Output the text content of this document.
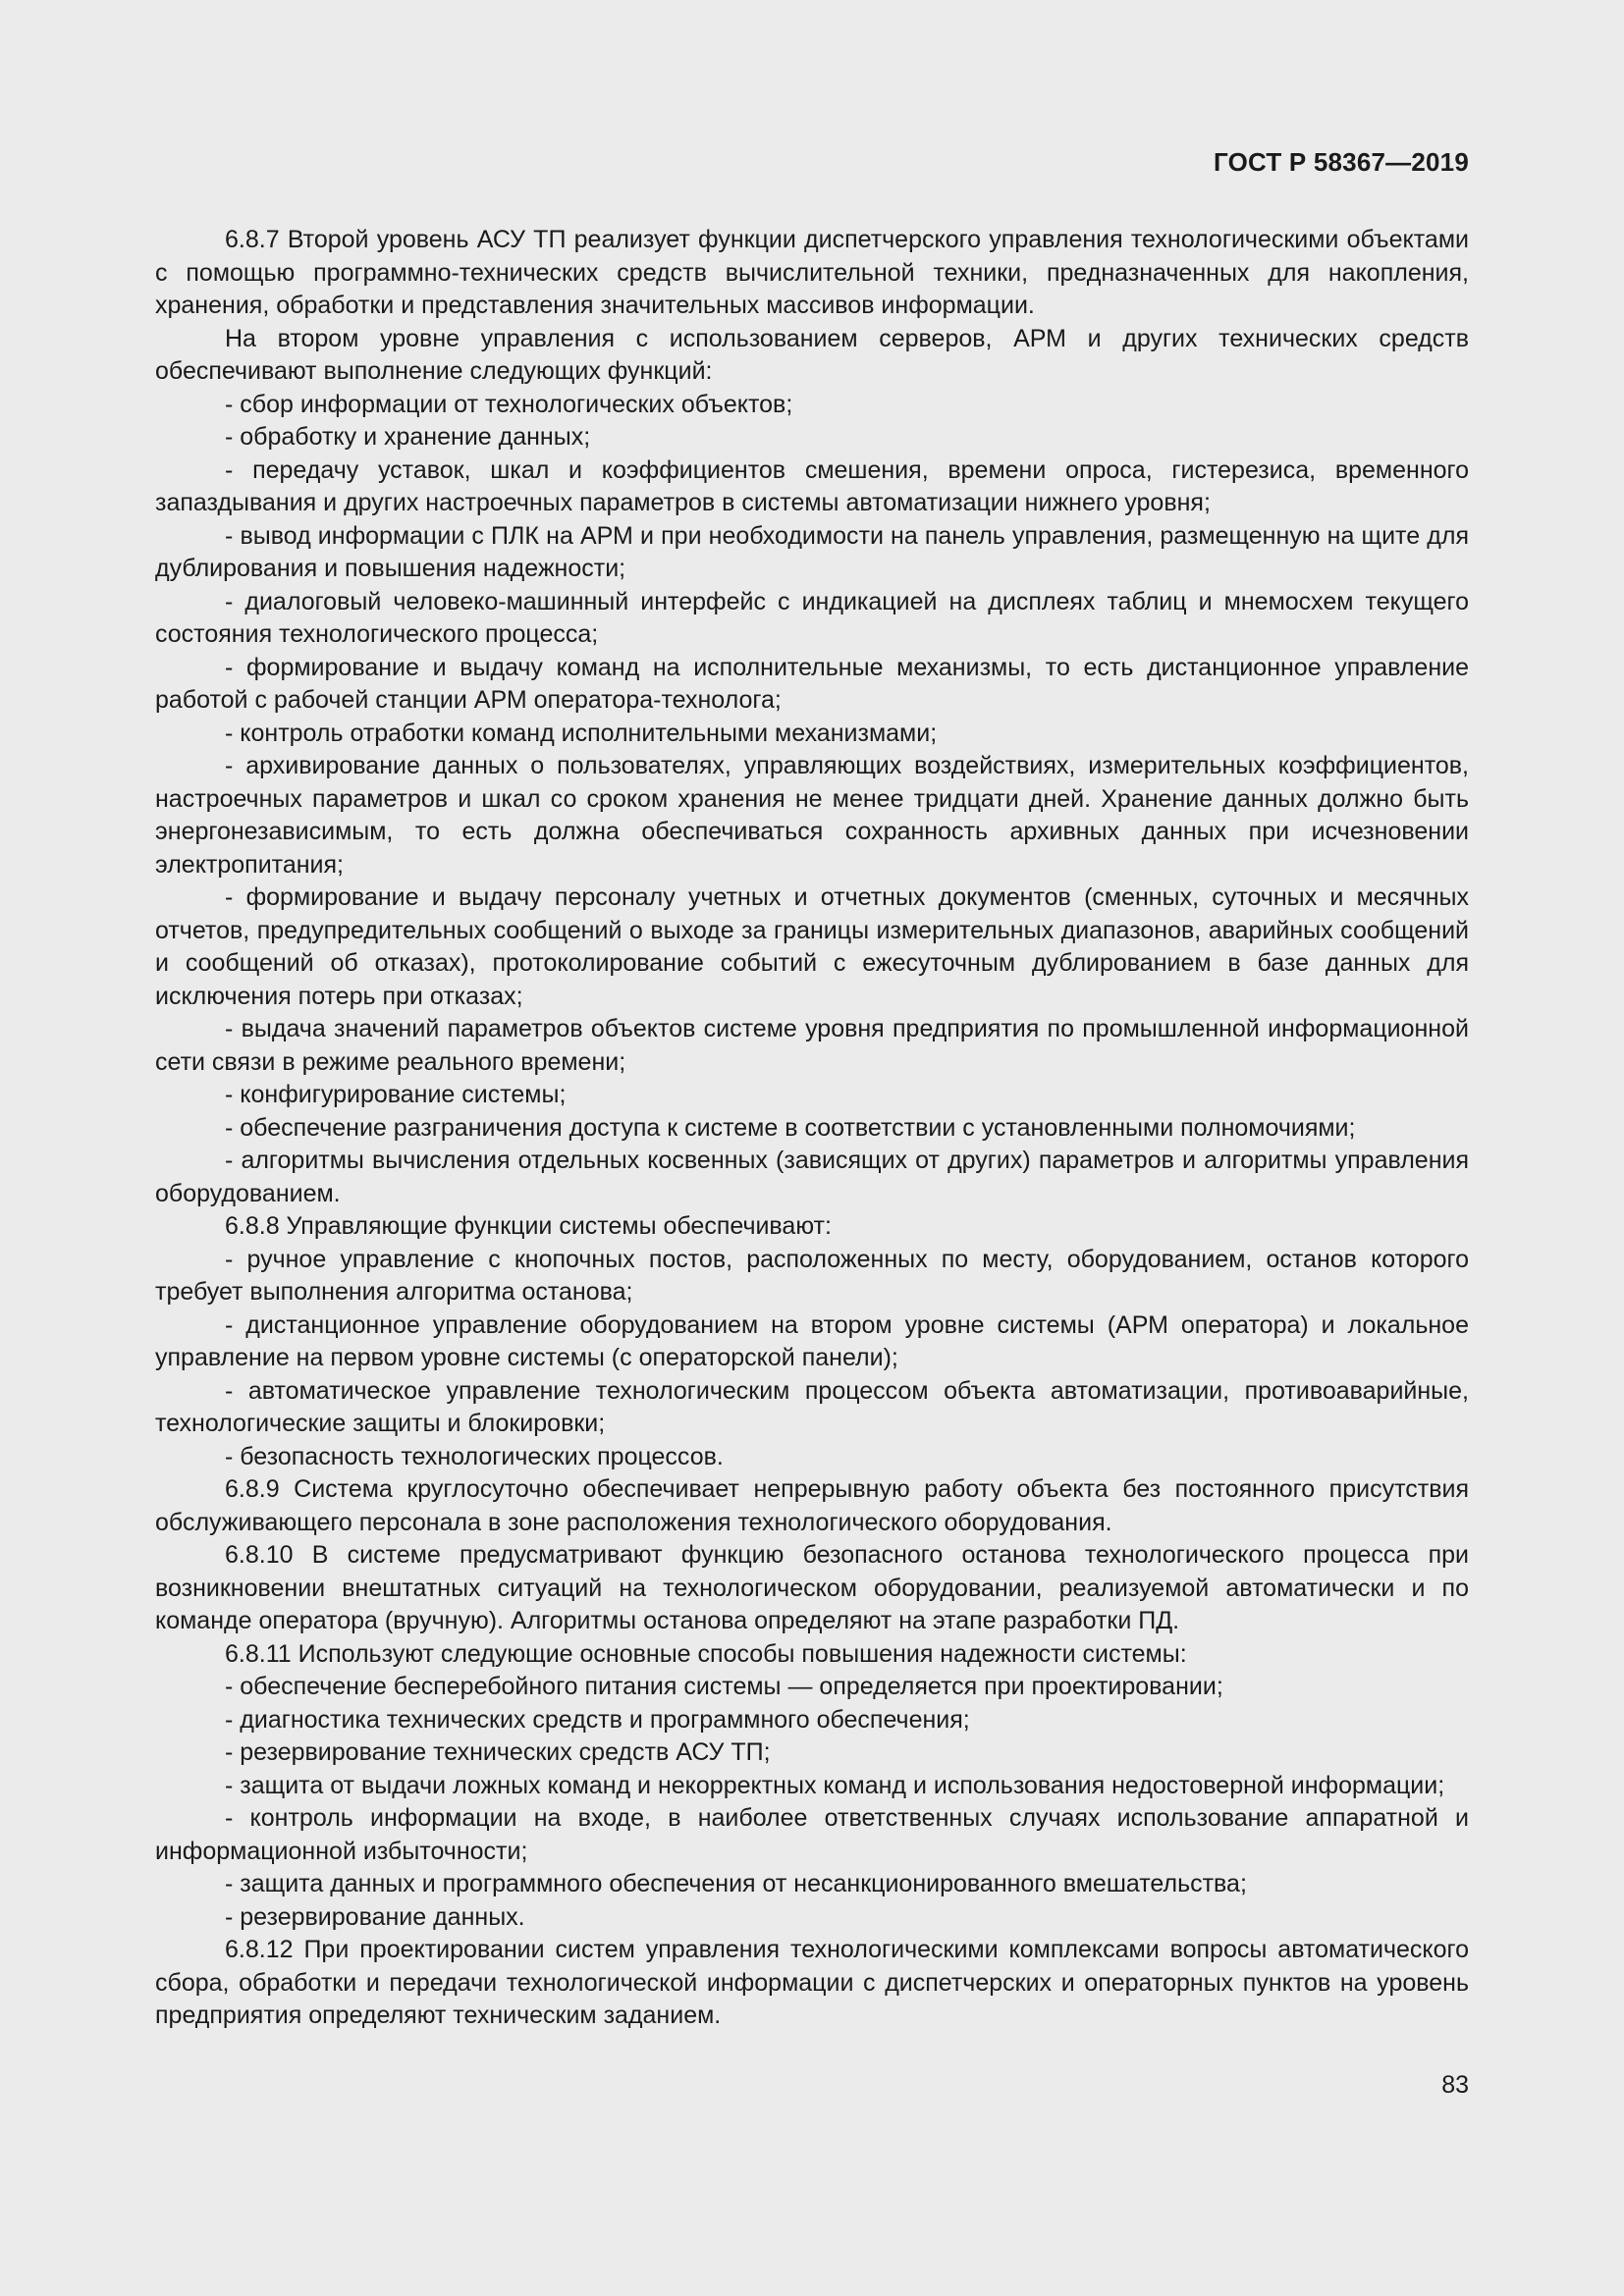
ГОСТ Р 58367—2019

6.8.7 Второй уровень АСУ ТП реализует функции диспетчерского управления технологическими объектами с помощью программно-технических средств вычислительной техники, предназначенных для накопления, хранения, обработки и представления значительных массивов информации.

На втором уровне управления с использованием серверов, АРМ и других технических средств обеспечивают выполнение следующих функций:

- сбор информации от технологических объектов;

- обработку и хранение данных;

- передачу уставок, шкал и коэффициентов смешения, времени опроса, гистерезиса, временного запаздывания и других настроечных параметров в системы автоматизации нижнего уровня;

- вывод информации с ПЛК на АРМ и при необходимости на панель управления, размещенную на щите для дублирования и повышения надежности;

- диалоговый человеко-машинный интерфейс с индикацией на дисплеях таблиц и мнемосхем текущего состояния технологического процесса;

- формирование и выдачу команд на исполнительные механизмы, то есть дистанционное управление работой с рабочей станции АРМ оператора-технолога;

- контроль отработки команд исполнительными механизмами;

- архивирование данных о пользователях, управляющих воздействиях, измерительных коэффициентов, настроечных параметров и шкал со сроком хранения не менее тридцати дней. Хранение данных должно быть энергонезависимым, то есть должна обеспечиваться сохранность архивных данных при исчезновении электропитания;

- формирование и выдачу персоналу учетных и отчетных документов (сменных, суточных и месячных отчетов, предупредительных сообщений о выходе за границы измерительных диапазонов, аварийных сообщений и сообщений об отказах), протоколирование событий с ежесуточным дублированием в базе данных для исключения потерь при отказах;

- выдача значений параметров объектов системе уровня предприятия по промышленной информационной сети связи в режиме реального времени;

- конфигурирование системы;

- обеспечение разграничения доступа к системе в соответствии с установленными полномочиями;

- алгоритмы вычисления отдельных косвенных (зависящих от других) параметров и алгоритмы управления оборудованием.

6.8.8 Управляющие функции системы обеспечивают:

- ручное управление с кнопочных постов, расположенных по месту, оборудованием, останов которого требует выполнения алгоритма останова;

- дистанционное управление оборудованием на втором уровне системы (АРМ оператора) и локальное управление на первом уровне системы (с операторской панели);

- автоматическое управление технологическим процессом объекта автоматизации, противоаварийные, технологические защиты и блокировки;

- безопасность технологических процессов.

6.8.9 Система круглосуточно обеспечивает непрерывную работу объекта без постоянного присутствия обслуживающего персонала в зоне расположения технологического оборудования.

6.8.10 В системе предусматривают функцию безопасного останова технологического процесса при возникновении внештатных ситуаций на технологическом оборудовании, реализуемой автоматически и по команде оператора (вручную). Алгоритмы останова определяют на этапе разработки ПД.

6.8.11 Используют следующие основные способы повышения надежности системы:

- обеспечение бесперебойного питания системы — определяется при проектировании;

- диагностика технических средств и программного обеспечения;

- резервирование технических средств АСУ ТП;

- защита от выдачи ложных команд и некорректных команд и использования недостоверной информации;

- контроль информации на входе, в наиболее ответственных случаях использование аппаратной и информационной избыточности;

- защита данных и программного обеспечения от несанкционированного вмешательства;

- резервирование данных.

6.8.12 При проектировании систем управления технологическими комплексами вопросы автоматического сбора, обработки и передачи технологической информации с диспетчерских и операторных пунктов на уровень предприятия определяют техническим заданием.

83
